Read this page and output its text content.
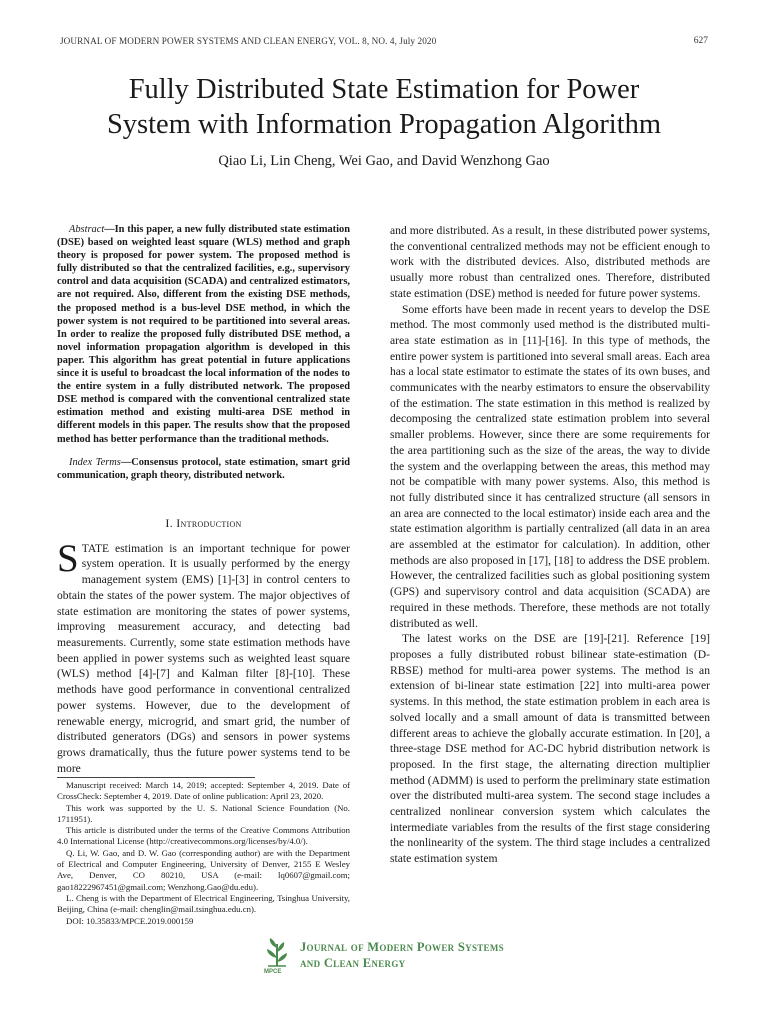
JOURNAL OF MODERN POWER SYSTEMS AND CLEAN ENERGY, VOL. 8, NO. 4, July 2020	627
Fully Distributed State Estimation for Power
System with Information Propagation Algorithm
Qiao Li, Lin Cheng, Wei Gao, and David Wenzhong Gao

Abstract—In this paper, a new fully distributed state estimation (DSE) based on weighted least square (WLS) method and graph theory is proposed for power system. The proposed method is fully distributed so that the centralized facilities, e.g., supervisory control and data acquisition (SCADA) and centralized estimators, are not required. Also, different from the existing DSE methods, the proposed method is a bus-level DSE method, in which the power system is not required to be partitioned into several areas. In order to realize the proposed fully distributed DSE method, a novel information propagation algorithm is developed in this paper. This algorithm has great potential in future applications since it is useful to broadcast the local information of the nodes to the entire system in a fully distributed network. The proposed DSE method is compared with the conventional centralized state estimation method and existing multi-area DSE method in different models in this paper. The results show that the proposed method has better performance than the traditional methods.

Index Terms—Consensus protocol, state estimation, smart grid communication, graph theory, distributed network.

I. Introduction

STATE estimation is an important technique for power system operation. It is usually performed by the energy management system (EMS) [1]-[3] in control centers to obtain the states of the power system. The major objectives of state estimation are monitoring the states of power systems, improving measurement accuracy, and detecting bad measurements. Currently, some state estimation methods have been applied in power systems such as weighted least square (WLS) method [4]-[7] and Kalman filter [8]-[10]. These methods have good performance in conventional centralized power systems. However, due to the development of renewable energy, microgrid, and smart grid, the number of distributed generators (DGs) and sensors in power systems grows dramatically, thus the future power systems tend to be more

Manuscript received: March 14, 2019; accepted: September 4, 2019. Date of CrossCheck: September 4, 2019. Date of online publication: April 23, 2020.

This work was supported by the U. S. National Science Foundation (No. 1711951).

This article is distributed under the terms of the Creative Commons Attribution 4.0 International License (http://creativecommons.org/licenses/by/4.0/).

Q. Li, W. Gao, and D. W. Gao (corresponding author) are with the Department of Electrical and Computer Engineering, University of Denver, 2155 E Wesley Ave, Denver, CO 80210, USA (e-mail: lq0607@gmail.com; gao18222967451@gmail.com; Wenzhong.Gao@du.edu).

L. Cheng is with the Department of Electrical Engineering, Tsinghua University, Beijing, China (e-mail: chenglin@mail.tsinghua.edu.cn).

DOI: 10.35833/MPCE.2019.000159

and more distributed. As a result, in these distributed power systems, the conventional centralized methods may not be efficient enough to work with the distributed devices. Also, distributed methods are usually more robust than centralized ones. Therefore, distributed state estimation (DSE) method is needed for future power systems.

Some efforts have been made in recent years to develop the DSE method. The most commonly used method is the distributed multi-area state estimation as in [11]-[16]. In this type of methods, the entire power system is partitioned into several small areas. Each area has a local state estimator to estimate the states of its own buses, and communicates with the nearby estimators to ensure the observability of the estimation. The state estimation in this method is realized by decomposing the centralized state estimation problem into several smaller problems. However, since there are some requirements for the area partitioning such as the size of the areas, the way to divide the system and the overlapping between the areas, this method may not be compatible with many power systems. Also, this method is not fully distributed since it has centralized structure (all sensors in an area are connected to the local estimator) inside each area and the state estimation algorithm is partially centralized (all data in an area are assembled at the estimator for calculation). In addition, other methods are also proposed in [17], [18] to address the DSE problem. However, the centralized facilities such as global positioning system (GPS) and supervisory control and data acquisition (SCADA) are required in these methods. Therefore, these methods are not totally distributed as well.

The latest works on the DSE are [19]-[21]. Reference [19] proposes a fully distributed robust bilinear state-estimation (D-RBSE) method for multi-area power systems. The method is an extension of bi-linear state estimation [22] into multi-area power systems. In this method, the state estimation problem in each area is solved locally and a small amount of data is transmitted between different areas to achieve the globally accurate estimation. In [20], a three-stage DSE method for AC-DC hybrid distribution network is proposed. In the first stage, the alternating direction multiplier method (ADMM) is used to perform the preliminary state estimation over the distributed multi-area system. The second stage includes a centralized nonlinear conversion system which calculates the intermediate variables from the results of the first stage considering the nonlinearity of the system. The third stage includes a centralized state estimation system

MPCE
Journal of Modern Power Systems
and Clean Energy
